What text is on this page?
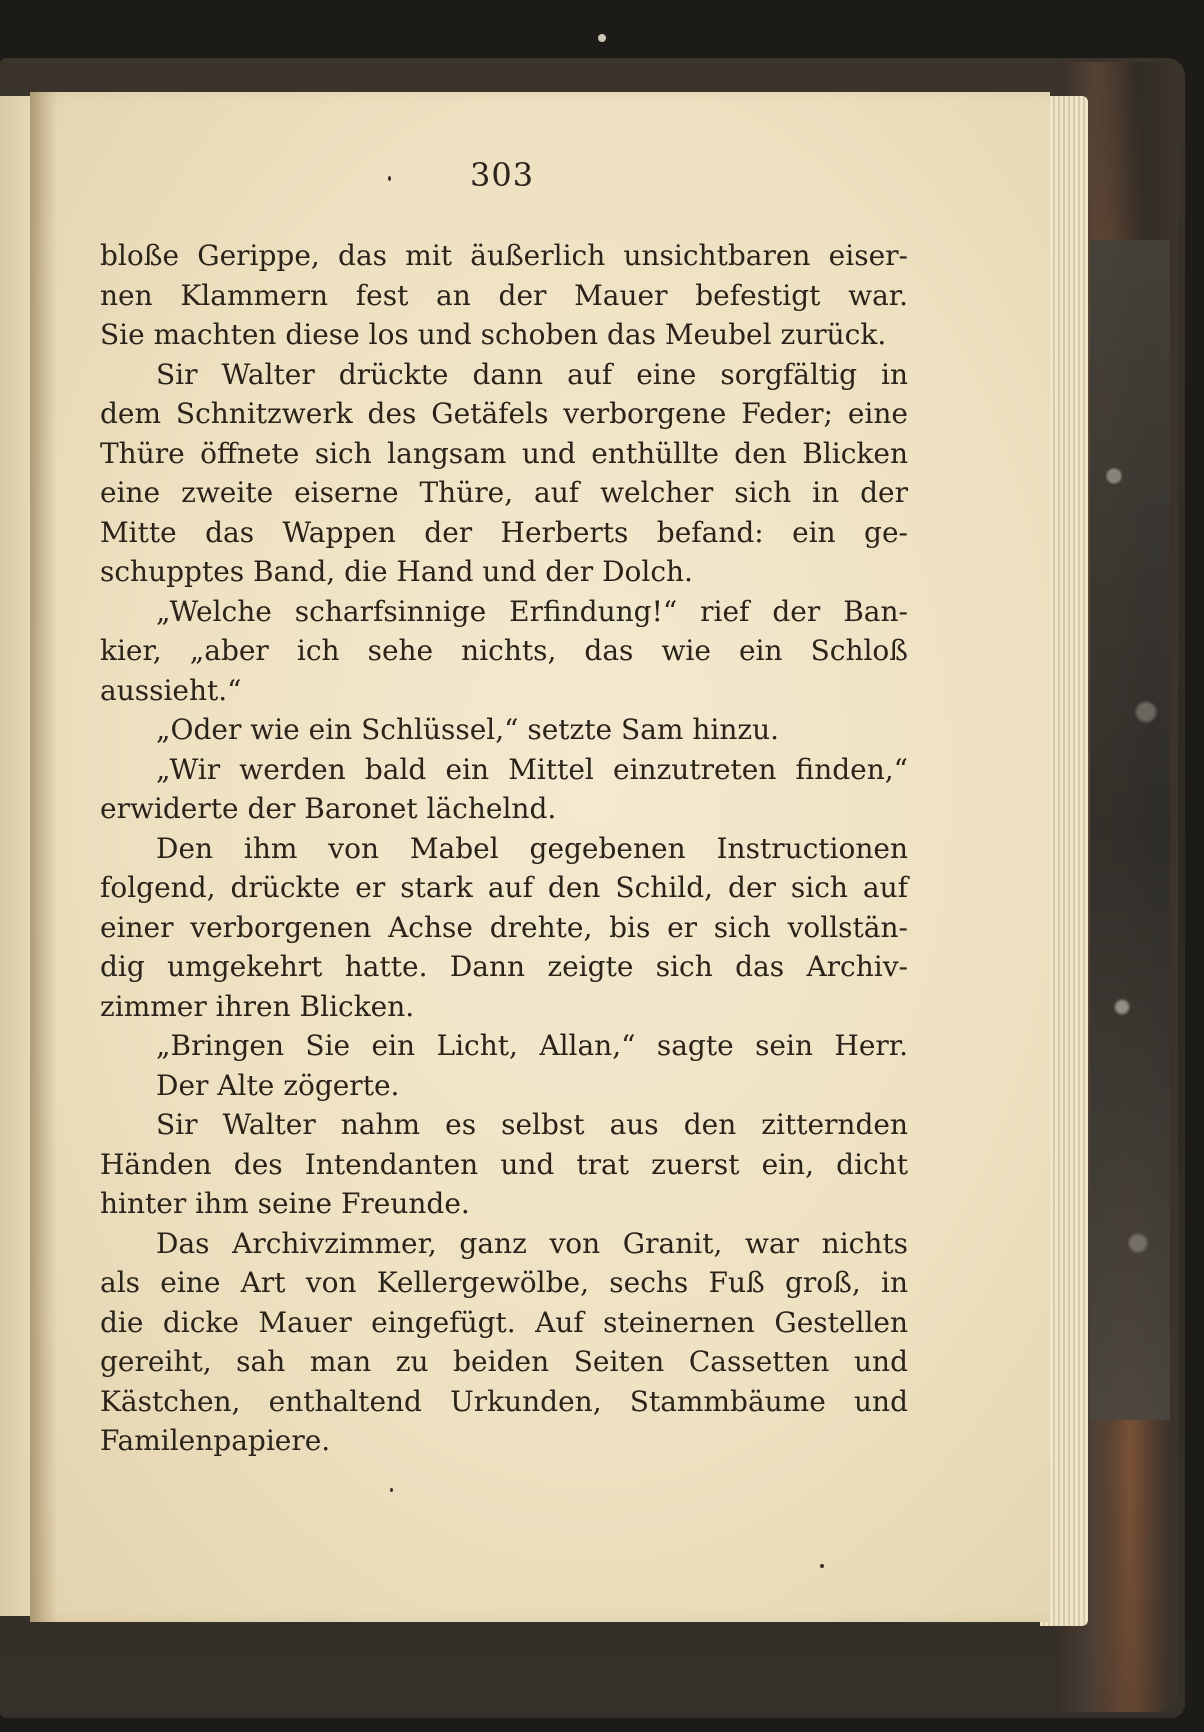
303
bloße Gerippe, das mit äußerlich unsichtbaren eiser-
nen Klammern fest an der Mauer befestigt war.
Sie machten diese los und schoben das Meubel zurück.
Sir Walter drückte dann auf eine sorgfältig in
dem Schnitzwerk des Getäfels verborgene Feder; eine
Thüre öffnete sich langsam und enthüllte den Blicken
eine zweite eiserne Thüre, auf welcher sich in der
Mitte das Wappen der Herberts befand: ein ge-
schupptes Band, die Hand und der Dolch.
„Welche scharfsinnige Erfindung!“ rief der Ban-
kier, „aber ich sehe nichts, das wie ein Schloß
aussieht.“
„Oder wie ein Schlüssel,“ setzte Sam hinzu.
„Wir werden bald ein Mittel einzutreten finden,“
erwiderte der Baronet lächelnd.
Den ihm von Mabel gegebenen Instructionen
folgend, drückte er stark auf den Schild, der sich auf
einer verborgenen Achse drehte, bis er sich vollstän-
dig umgekehrt hatte. Dann zeigte sich das Archiv-
zimmer ihren Blicken.
„Bringen Sie ein Licht, Allan,“ sagte sein Herr.
Der Alte zögerte.
Sir Walter nahm es selbst aus den zitternden
Händen des Intendanten und trat zuerst ein, dicht
hinter ihm seine Freunde.
Das Archivzimmer, ganz von Granit, war nichts
als eine Art von Kellergewölbe, sechs Fuß groß, in
die dicke Mauer eingefügt. Auf steinernen Gestellen
gereiht, sah man zu beiden Seiten Cassetten und
Kästchen, enthaltend Urkunden, Stammbäume und
Familenpapiere.
